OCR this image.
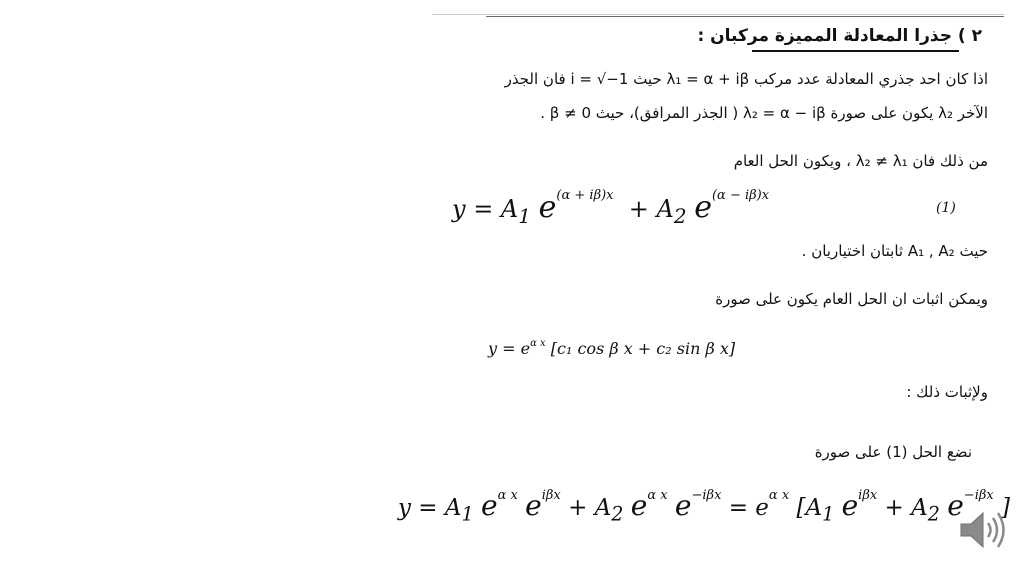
٢ ) جذرا المعادلة المميزة مركبان :
اذا كان احد جذري المعادلة عدد مركب λ₁ = α + iβ حيث i = √−1 فان الجذر
الآخر λ₂ يكون على صورة λ₂ = α − iβ ( الجذر المرافق)، حيث β ≠ 0 .
من ذلك فان λ₂ ≠ λ₁ ، ويكون الحل العام
$y = A_1$ $e^{(\alpha + i\beta)x} + A_2$ $e^{(\alpha - i\beta)x}$
(1)
حيث A₁ , A₂ ثابتان اختياريان .
ويمكن اثبات ان الحل العام يكون على صورة
$y = e^{\alpha x}$ [c₁ cos β x + c₂ sin β x]
ولإثبات ذلك :
نضع الحل (1) على صورة
$y = A_1$ $e^{\alpha x}$ $e^{i\beta x} + A_2$ $e^{\alpha x}$ $e^{-i\beta x} = e^{\alpha x}$ [$A_1$ $e^{i\beta x} + A_2$ $e^{-i\beta x}$ ]
